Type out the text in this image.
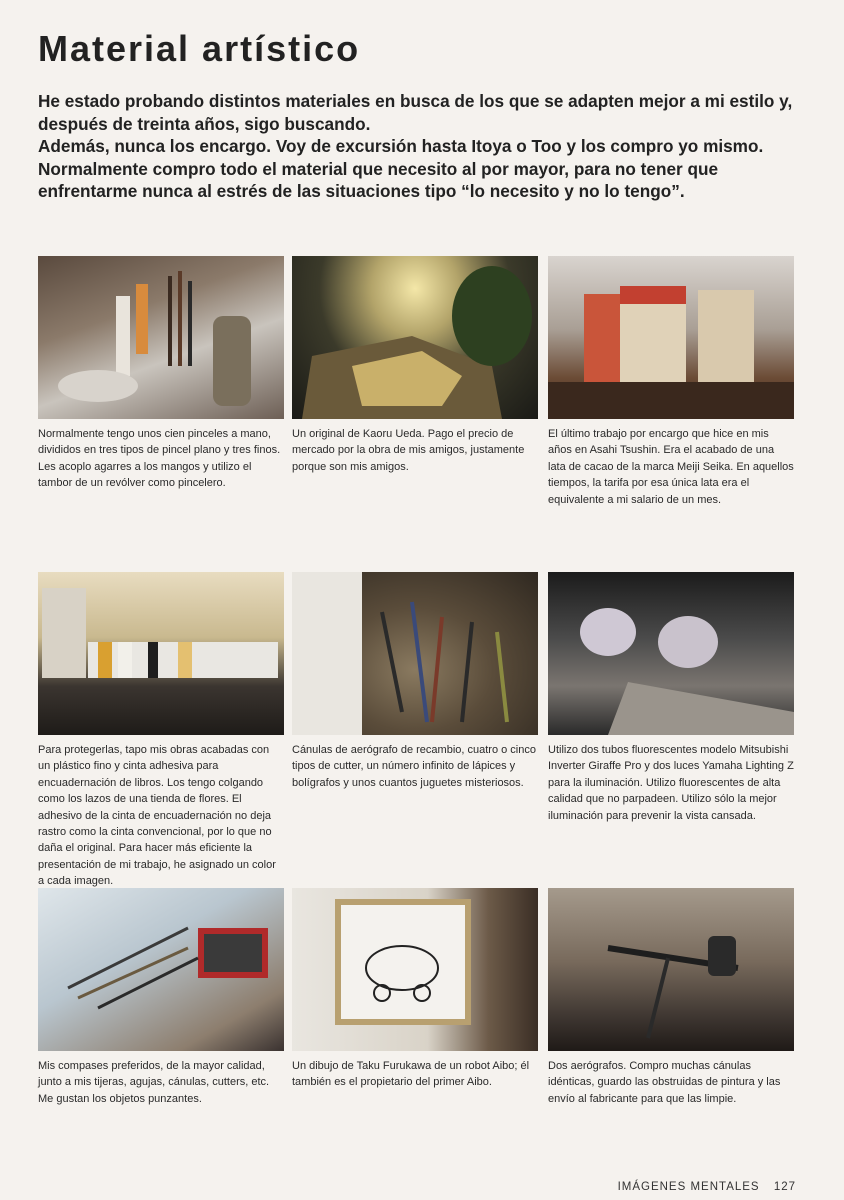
Material artístico

He estado probando distintos materiales en busca de los que se adapten mejor a mi estilo y, después de treinta años, sigo buscando.

Además, nunca los encargo. Voy de excursión hasta Itoya o Too y los compro yo mismo.

Normalmente compro todo el material que necesito al por mayor, para no tener que enfrentarme nunca al estrés de las situaciones tipo “lo necesito y no lo tengo”.

Normalmente tengo unos cien pinceles a mano, divididos en tres tipos de pincel plano y tres finos. Les acoplo agarres a los mangos y utilizo el tambor de un revólver como pincelero.
Un original de Kaoru Ueda. Pago el precio de mercado por la obra de mis amigos, justamente porque son mis amigos.
El último trabajo por encargo que hice en mis años en Asahi Tsushin. Era el acabado de una lata de cacao de la marca Meiji Seika. En aquellos tiempos, la tarifa por esa única lata era el equivalente a mi salario de un mes.
Para protegerlas, tapo mis obras acabadas con un plástico fino y cinta adhesiva para encuadernación de libros. Los tengo colgando como los lazos de una tienda de flores. El adhesivo de la cinta de encuadernación no deja rastro como la cinta convencional, por lo que no daña el original. Para hacer más eficiente la presentación de mi trabajo, he asignado un color a cada imagen.
Cánulas de aerógrafo de recambio, cuatro o cinco tipos de cutter, un número infinito de lápices y bolígrafos y unos cuantos juguetes misteriosos.
Utilizo dos tubos fluorescentes modelo Mitsubishi Inverter Giraffe Pro y dos luces Yamaha Lighting Z para la iluminación. Utilizo fluorescentes de alta calidad que no parpadeen. Utilizo sólo la mejor iluminación para prevenir la vista cansada.
Mis compases preferidos, de la mayor calidad, junto a mis tijeras, agujas, cánulas, cutters, etc. Me gustan los objetos punzantes.
Un dibujo de Taku Furukawa de un robot Aibo; él también es el propietario del primer Aibo.
Dos aerógrafos. Compro muchas cánulas idénticas, guardo las obstruidas de pintura y las envío al fabricante para que las limpie.
IMÁGENES MENTALES 127
